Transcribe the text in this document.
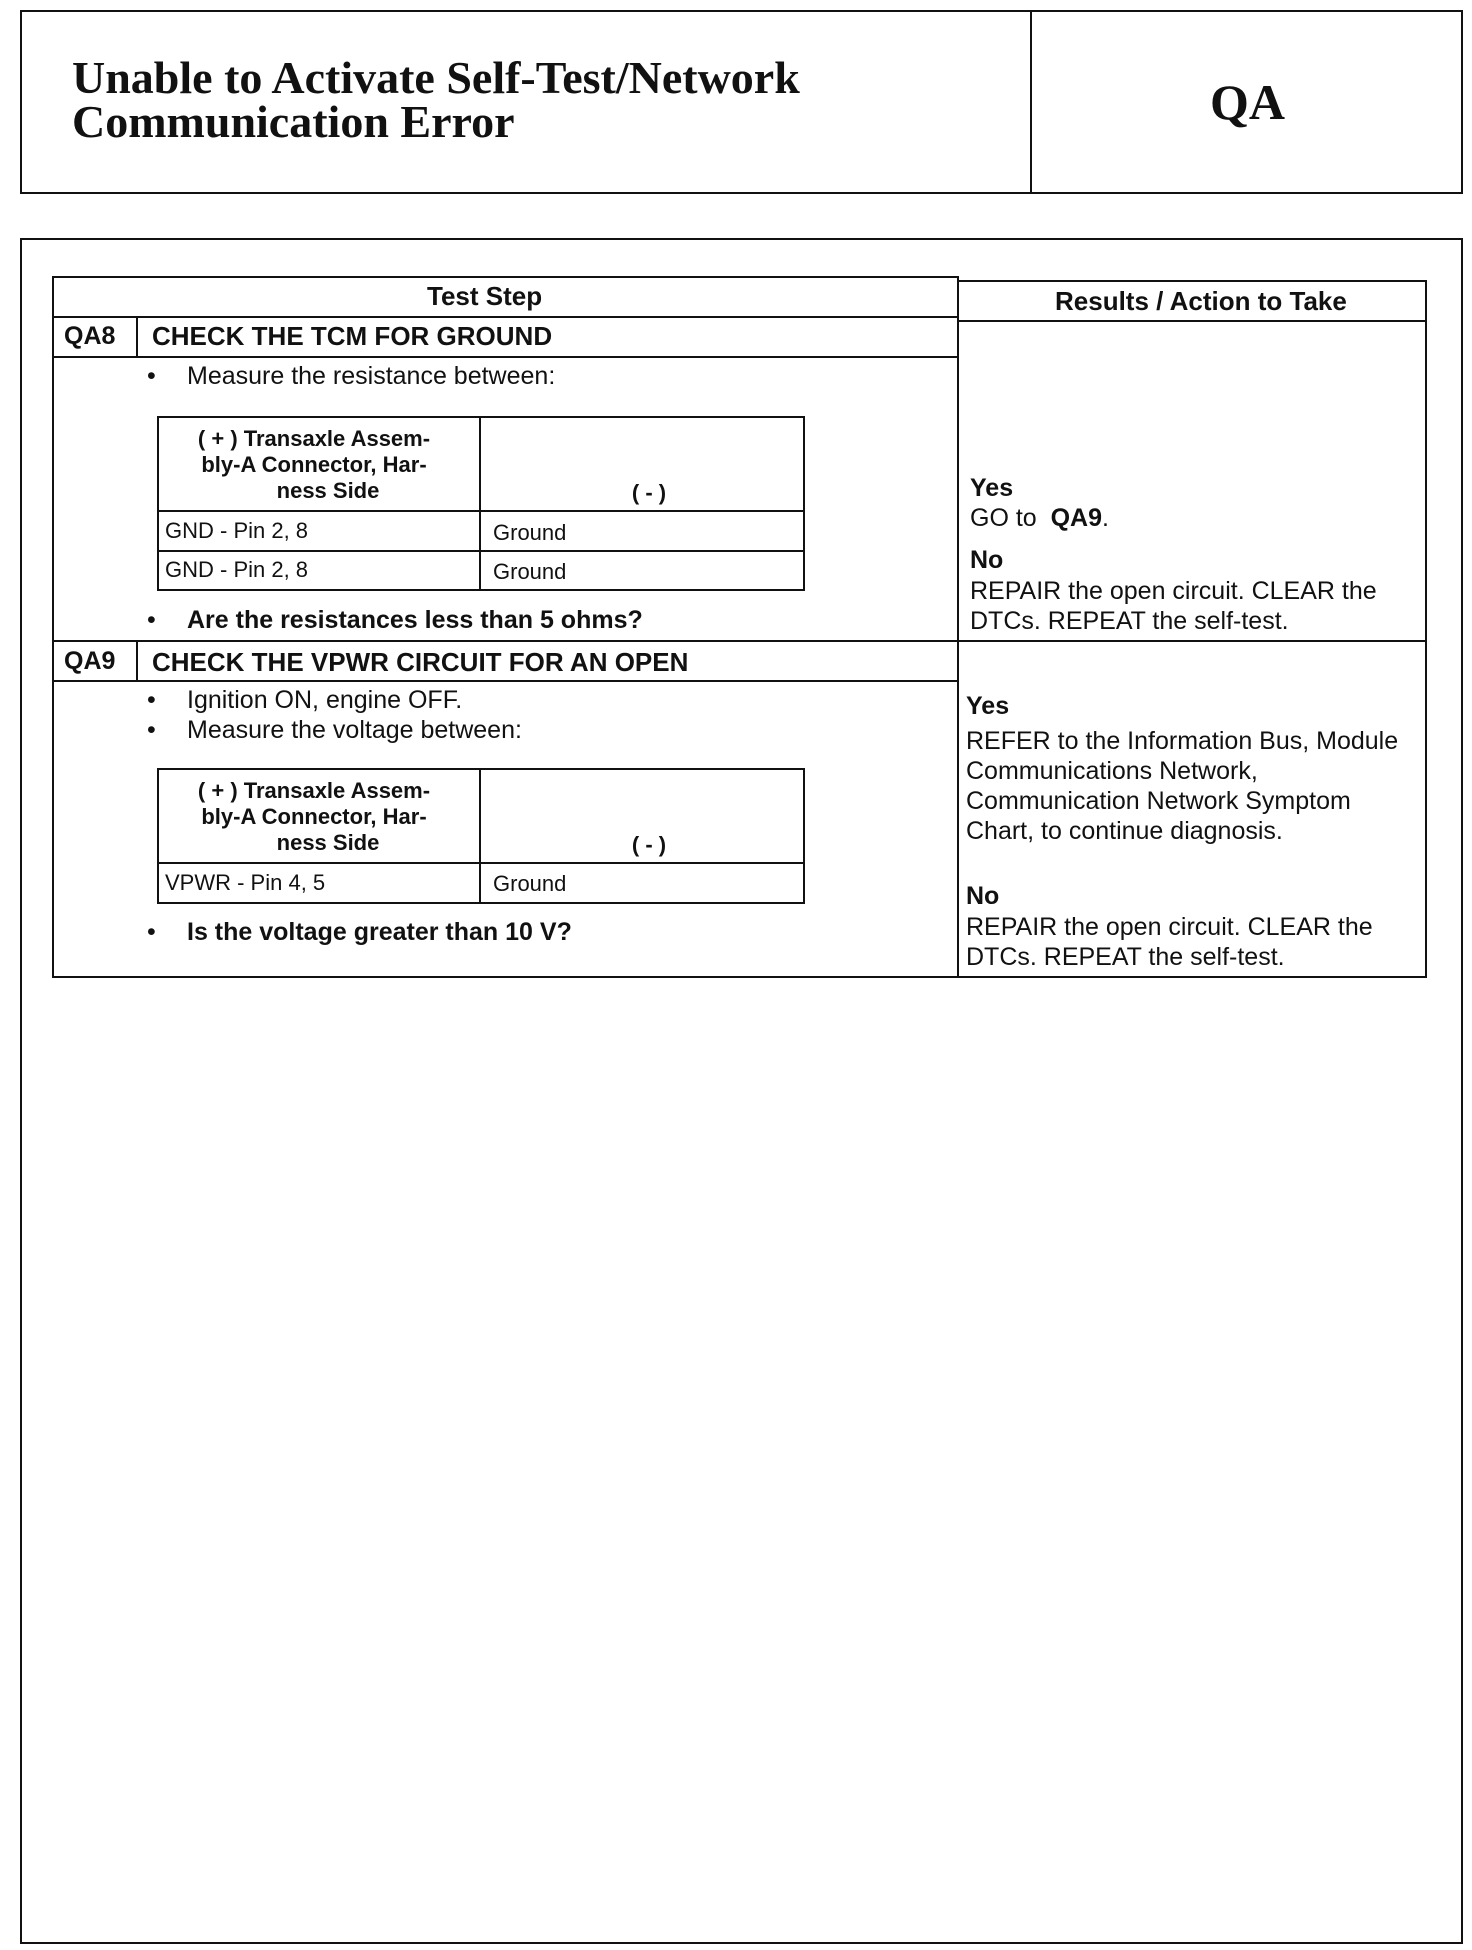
Unable to Activate Self-Test/Network
Communication Error	QA
Test Step	Results / Action to Take
QA8 CHECK THE TCM FOR GROUND
• Measure the resistance between:
( + ) Transaxle Assem-
bly-A Connector, Har-
ness Side	( - )
GND - Pin 2, 8	Ground
GND - Pin 2, 8	Ground
• Are the resistances less than 5 ohms?
Yes
GO to QA9.
No
REPAIR the open circuit. CLEAR the DTCs. REPEAT the self-test.
QA9 CHECK THE VPWR CIRCUIT FOR AN OPEN
• Ignition ON, engine OFF.
• Measure the voltage between:
( + ) Transaxle Assem-
bly-A Connector, Har-
ness Side	( - )
VPWR - Pin 4, 5	Ground
• Is the voltage greater than 10 V?
Yes
REFER to the Information Bus, Module Communications Network, Communication Network Symptom Chart, to continue diagnosis.
No
REPAIR the open circuit. CLEAR the DTCs. REPEAT the self-test.
